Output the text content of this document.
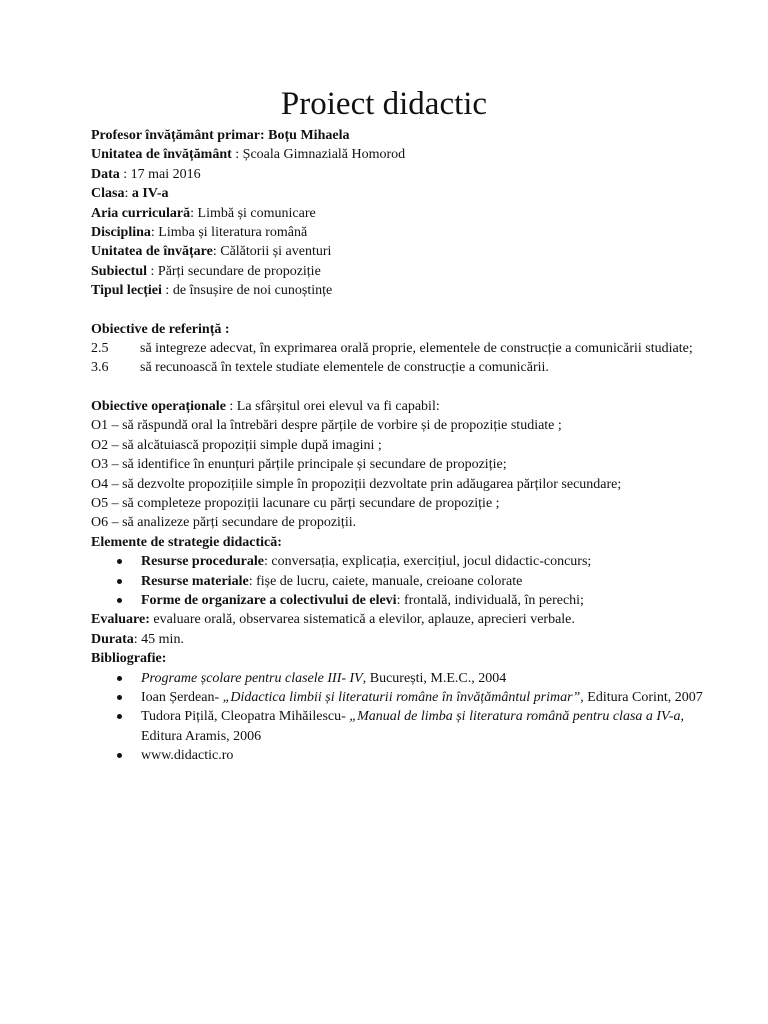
Proiect didactic
Profesor învățământ primar: Boțu Mihaela
Unitatea de învățământ : Școala Gimnazială Homorod
Data : 17 mai 2016
Clasa: a IV-a
Aria curriculară: Limbă și comunicare
Disciplina: Limba și literatura română
Unitatea de învățare: Călătorii și aventuri
Subiectul : Părți secundare de propoziție
Tipul lecției : de însușire de noi cunoștințe
Obiective de referință :
2.5	să integreze adecvat, în exprimarea orală proprie, elementele de construcție a comunicării studiate;
3.6	să recunoască în textele studiate elementele de construcție a comunicării.
Obiective operaționale : La sfârșitul orei elevul va fi capabil:
O1 – să răspundă oral la întrebări despre părțile de vorbire și de propoziție studiate ;
O2 – să alcătuiască propoziții simple după imagini ;
O3 – să identifice în enunțuri părțile principale și secundare de propoziție;
O4 – să dezvolte propozițiile simple în propoziții dezvoltate prin adăugarea părților secundare;
O5 – să completeze propoziții lacunare cu părți secundare de propoziție ;
O6 – să analizeze părți secundare de propoziții.
Elemente de strategie didactică:
Resurse procedurale: conversația, explicația, exercițiul, jocul didactic-concurs;
Resurse materiale: fișe de lucru, caiete, manuale, creioane colorate
Forme de organizare a colectivului de elevi: frontală, individuală, în perechi;
Evaluare: evaluare orală, observarea sistematică a elevilor, aplauze, aprecieri verbale.
Durata: 45 min.
Bibliografie:
Programe școlare pentru clasele III- IV, București, M.E.C., 2004
Ioan Șerdean- „Didactica limbii și literaturii române în învățământul primar”, Editura Corint, 2007
Tudora Pițilă, Cleopatra Mihăilescu- „Manual de limba și literatura română pentru clasa a IV-a, Editura Aramis, 2006
www.didactic.ro
